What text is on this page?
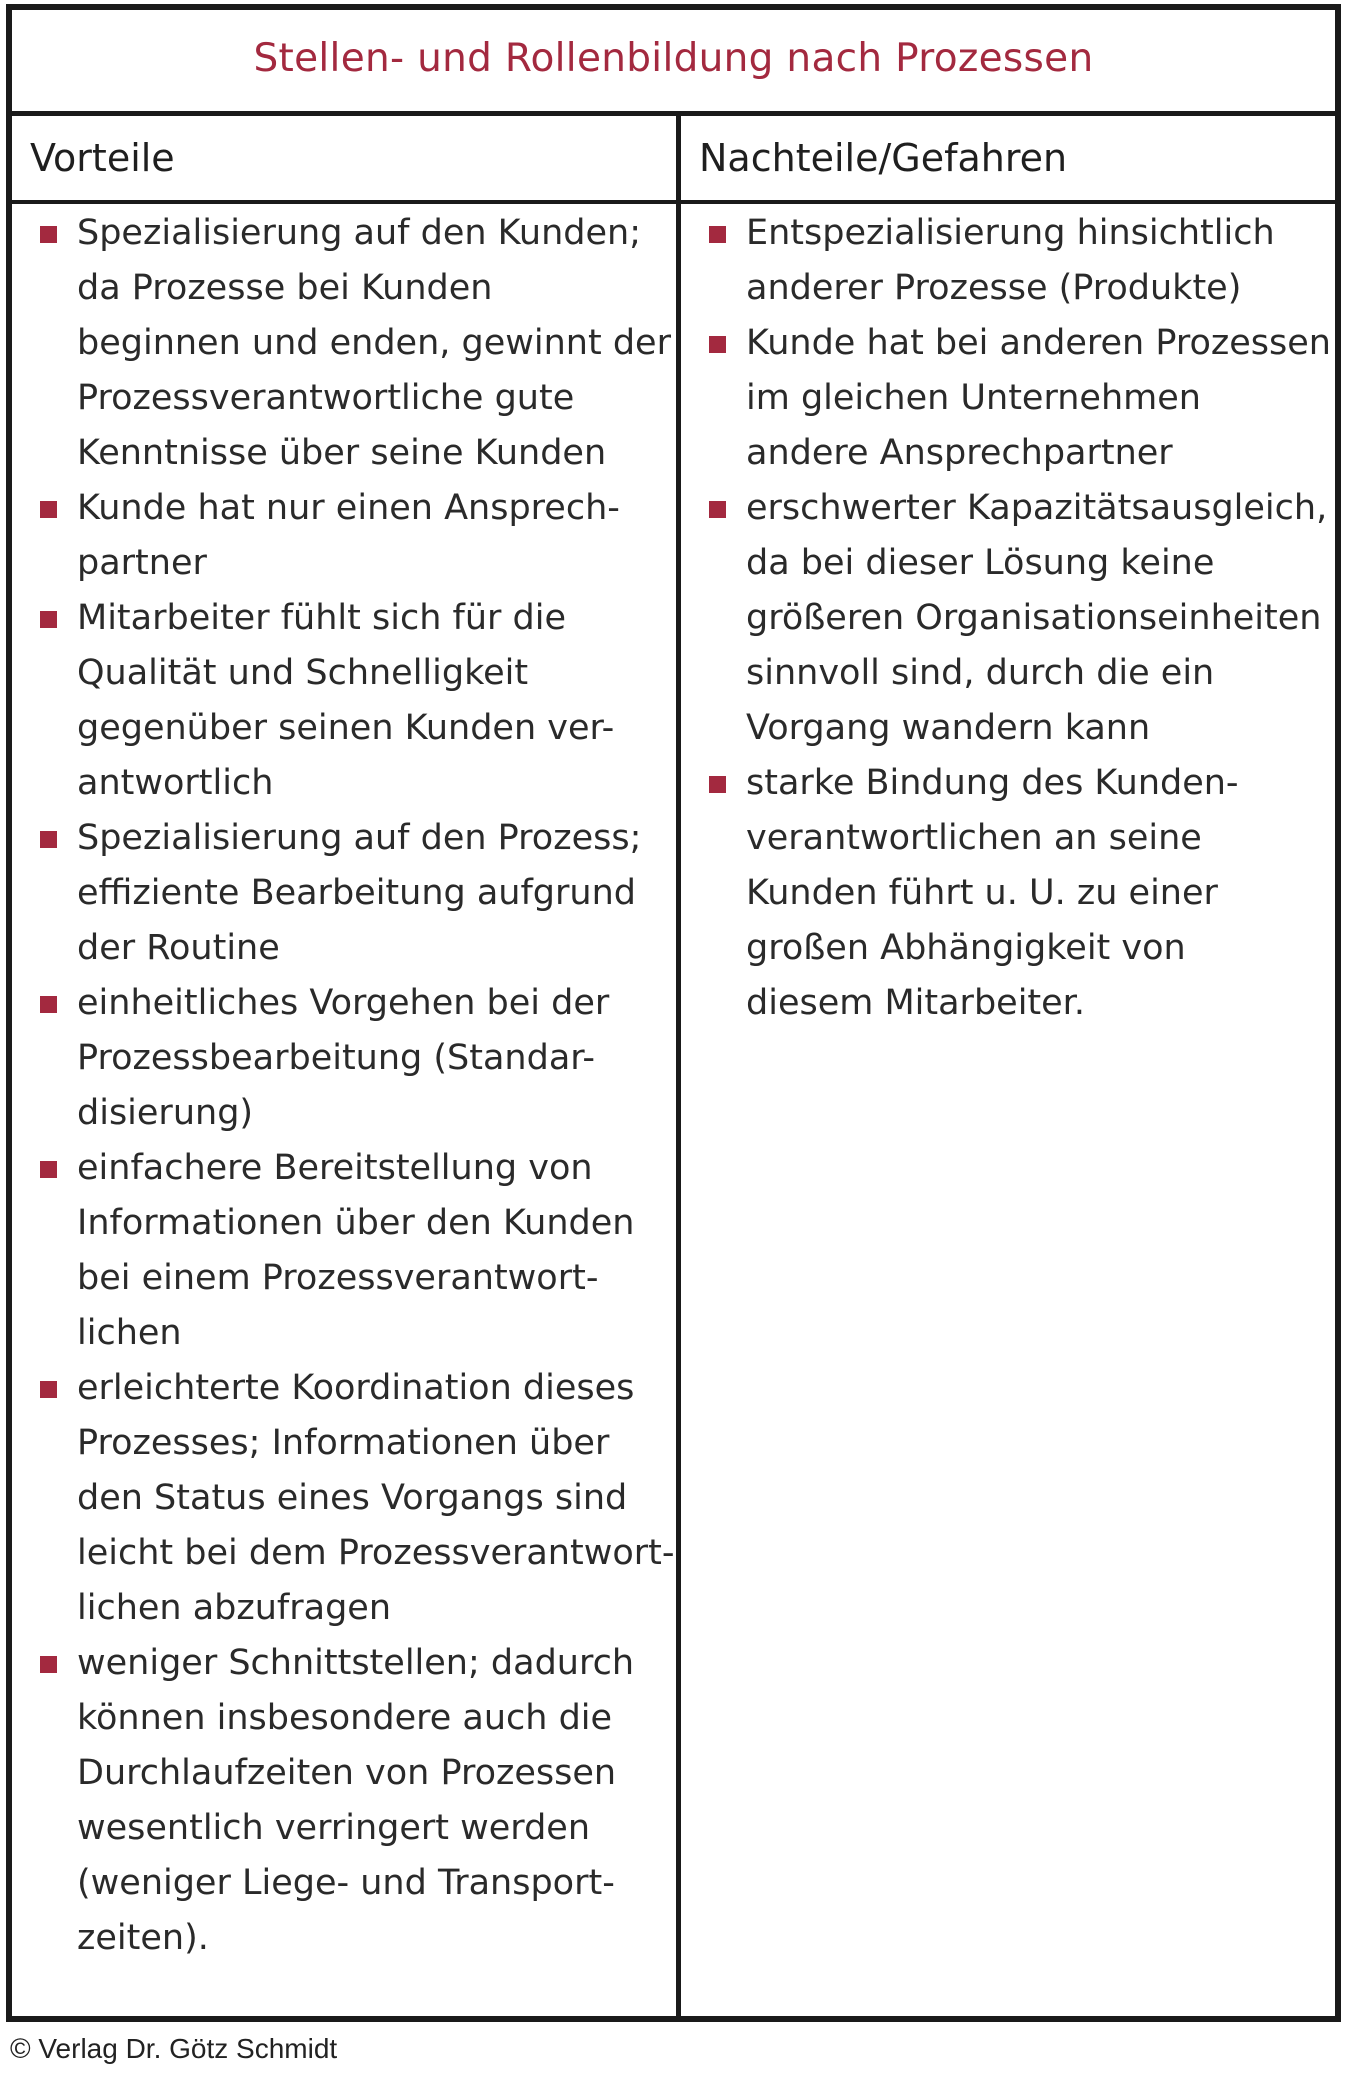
Stellen- und Rollenbildung nach Prozessen
Vorteile	Nachteile/Gefahren
Spezialisierung auf den Kunden;
da Prozesse bei Kunden
beginnen und enden, gewinnt der
Prozessverantwortliche gute
Kenntnisse über seine Kunden
Kunde hat nur einen Ansprech-
partner
Mitarbeiter fühlt sich für die
Qualität und Schnelligkeit
gegenüber seinen Kunden ver-
antwortlich
Spezialisierung auf den Prozess;
effiziente Bearbeitung aufgrund
der Routine
einheitliches Vorgehen bei der
Prozessbearbeitung (Standar-
disierung)
einfachere Bereitstellung von
Informationen über den Kunden
bei einem Prozessverantwort-
lichen
erleichterte Koordination dieses
Prozesses; Informationen über
den Status eines Vorgangs sind
leicht bei dem Prozessverantwort-
lichen abzufragen
weniger Schnittstellen; dadurch
können insbesondere auch die
Durchlaufzeiten von Prozessen
wesentlich verringert werden
(weniger Liege- und Transport-
zeiten).
Entspezialisierung hinsichtlich
anderer Prozesse (Produkte)
Kunde hat bei anderen Prozessen
im gleichen Unternehmen
andere Ansprechpartner
erschwerter Kapazitätsausgleich,
da bei dieser Lösung keine
größeren Organisationseinheiten
sinnvoll sind, durch die ein
Vorgang wandern kann
starke Bindung des Kunden-
verantwortlichen an seine
Kunden führt u. U. zu einer
großen Abhängigkeit von
diesem Mitarbeiter.
© Verlag Dr. Götz Schmidt
